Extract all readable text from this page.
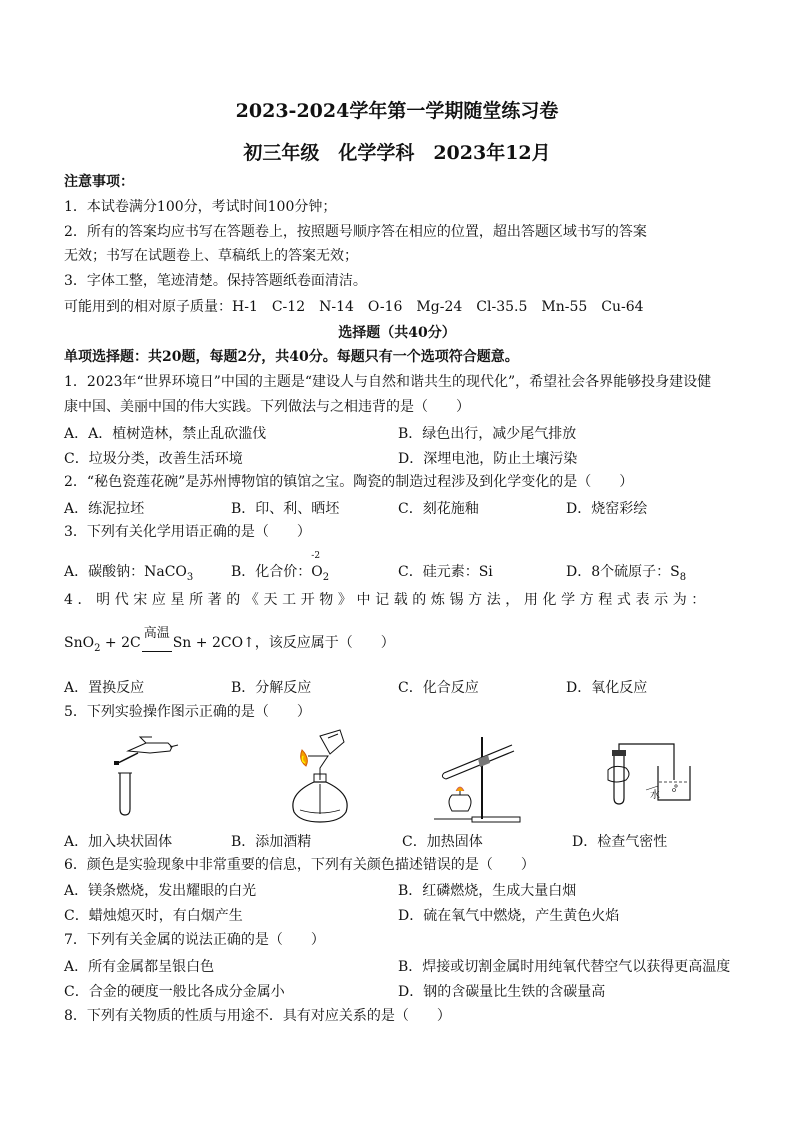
2023-2024学年第一学期随堂练习卷
初三年级　化学学科　2023年12月
注意事项：
1．本试卷满分100分，考试时间100分钟；
2．所有的答案均应书写在答题卷上，按照题号顺序答在相应的位置，超出答题区域书写的答案
无效；书写在试题卷上、草稿纸上的答案无效；
3．字体工整，笔迹清楚。保持答题纸卷面清洁。
可能用到的相对原子质量：H-1　C-12　N-14　O-16　Mg-24　Cl-35.5　Mn-55　Cu-64
选择题（共40分）
单项选择题：共20题，每题2分，共40分。每题只有一个选项符合题意。
1．2023年“世界环境日”中国的主题是“建设人与自然和谐共生的现代化”，希望社会各界能够投身建设健
康中国、美丽中国的伟大实践。下列做法与之相违背的是（　　）
A．A．植树造林，禁止乱砍滥伐	B．绿色出行，减少尾气排放
C．垃圾分类，改善生活环境	D．深埋电池，防止土壤污染
2．“秘色瓷莲花碗”是苏州博物馆的镇馆之宝。陶瓷的制造过程涉及到化学变化的是（　　）
A．练泥拉坯	B．印、利、晒坯	C．刻花施釉	D．烧窑彩绘
3．下列有关化学用语正确的是（　　）
A．碳酸钠：NaCO$_3$	B．化合价：
-2
$O_2$	C．硅元素：Si	D．8个硫原子：$S_8$
4．明代宋应星所著的《天工开物》中记载的炼锡方法，用化学方程式表示为：
SnO$_2$ + 2C
高温
Sn + 2CO↑，该反应属于（　　）
A．置换反应	B．分解反应	C．化合反应	D．氧化反应
5．下列实验操作图示正确的是（　　）
水
A．加入块状固体	B．添加酒精	C．加热固体	D．检查气密性
6．颜色是实验现象中非常重要的信息，下列有关颜色描述错误的是（　　）
A．镁条燃烧，发出耀眼的白光	B．红磷燃烧，生成大量白烟
C．蜡烛熄灭时，有白烟产生	D．硫在氧气中燃烧，产生黄色火焰
7．下列有关金属的说法正确的是（　　）
A．所有金属都呈银白色	B．焊接或切割金属时用纯氧代替空气以获得更高温度
C．合金的硬度一般比各成分金属小	D．钢的含碳量比生铁的含碳量高
8．下列有关物质的性质与用途不．具有对应关系的是（　　）
